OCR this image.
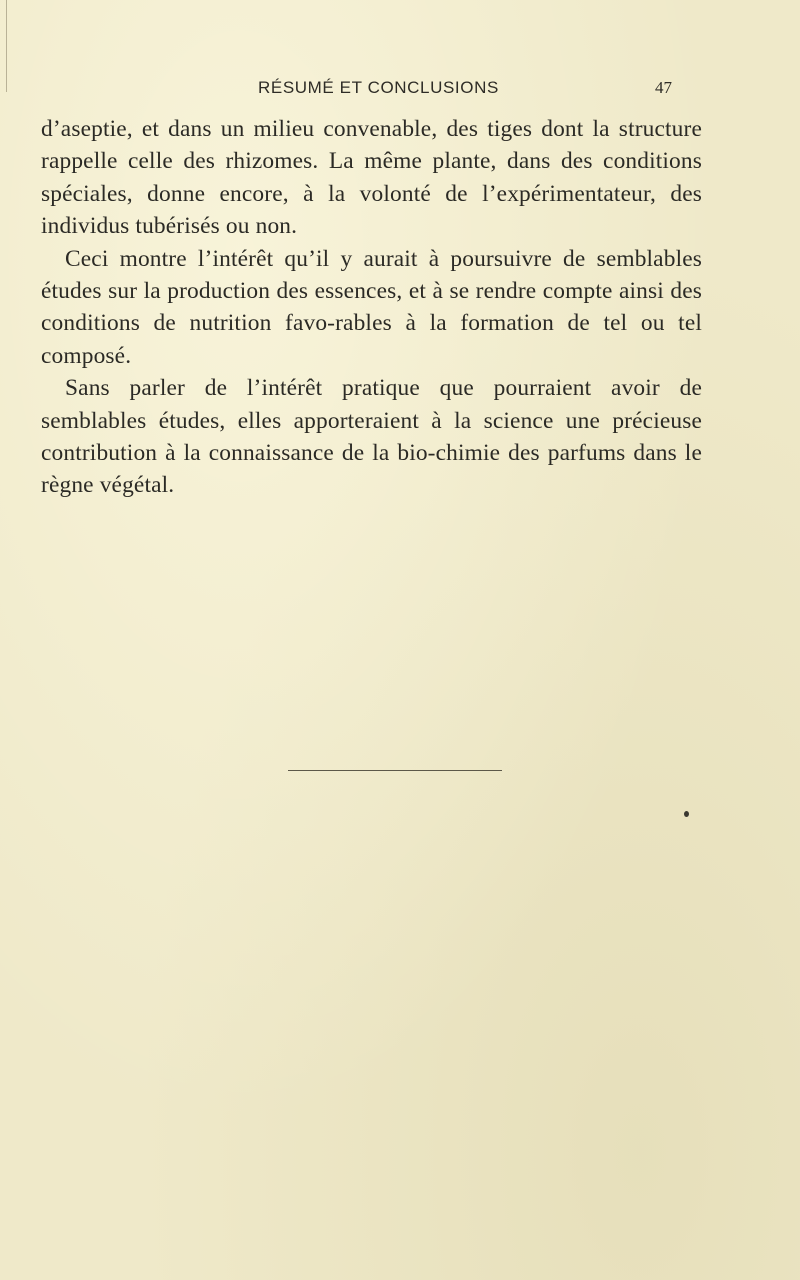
RÉSUMÉ ET CONCLUSIONS	47

d’aseptie, et dans un milieu convenable, des tiges dont la structure rappelle celle des rhizomes. La même plante, dans des conditions spéciales, donne encore, à la volonté de l’expérimentateur, des individus tubérisés ou non.

Ceci montre l’intérêt qu’il y aurait à poursuivre de semblables études sur la production des essences, et à se rendre compte ainsi des conditions de nutrition favo-rables à la formation de tel ou tel composé.

Sans parler de l’intérêt pratique que pourraient avoir de semblables études, elles apporteraient à la science une précieuse contribution à la connaissance de la bio-chimie des parfums dans le règne végétal.
